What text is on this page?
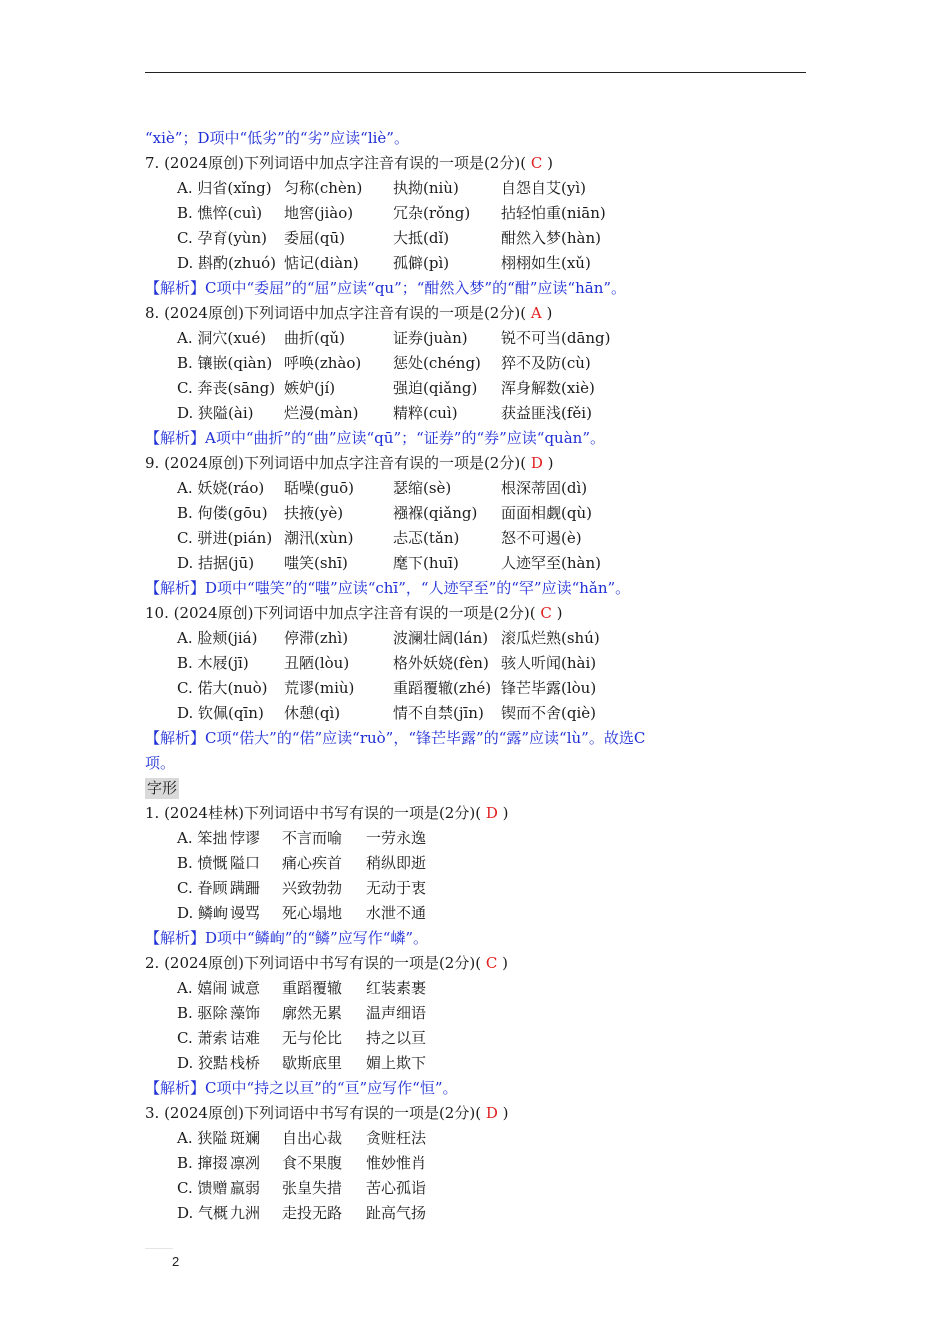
“xiè”；D项中“低劣”的“劣”应读“liè”。
7. (2024原创)下列词语中加点字注音有误的一项是(2分)( C )
A. 归省(xǐng) 匀称(chèn) 执拗(niù)	自怨自艾(yì)
B. 憔悴(cuì) 地窖(jiào)	冗杂(rǒng) 拈轻怕重(niān)
C. 孕育(yùn) 委屈(qū)	大抵(dǐ)	酣然入梦(hàn)
D. 斟酌(zhuó) 惦记(diàn) 孤僻(pì)	栩栩如生(xǔ)
【解析】C项中“委屈”的“屈”应读“qu”；“酣然入梦”的“酣”应读“hān”。
8. (2024原创)下列词语中加点字注音有误的一项是(2分)( A )
A. 洞穴(xué) 曲折(qǔ)	证券(juàn) 锐不可当(dāng)
B. 镶嵌(qiàn) 呼唤(zhào) 惩处(chéng) 猝不及防(cù)
C. 奔丧(sāng) 嫉妒(jí)	强迫(qiǎng) 浑身解数(xiè)
D. 狭隘(ài) 烂漫(màn) 精粹(cuì)	获益匪浅(fěi)
【解析】A项中“曲折”的“曲”应读“qū”；“证券”的“券”应读“quàn”。
9. (2024原创)下列词语中加点字注音有误的一项是(2分)( D )
A. 妖娆(ráo) 聒噪(guō)	瑟缩(sè)	根深蒂固(dì)
B. 佝偻(gōu) 扶掖(yè)	襁褓(qiǎng) 面面相觑(qù)
C. 骈进(pián) 潮汛(xùn)	忐忑(tǎn)	怒不可遏(è)
D. 拮据(jū) 嗤笑(shī)	麾下(huī)	人迹罕至(hàn)
【解析】D项中“嗤笑”的“嗤”应读“chī”，“人迹罕至”的“罕”应读“hǎn”。
10. (2024原创)下列词语中加点字注音有误的一项是(2分)( C )
A. 脸颊(jiá) 停滞(zhì)	波澜壮阔(lán) 滚瓜烂熟(shú)
B. 木屐(jī) 丑陋(lòu)	格外妖娆(fèn) 骇人听闻(hài)
C. 偌大(nuò) 荒谬(miù)	重蹈覆辙(zhé) 锋芒毕露(lòu)
D. 钦佩(qīn) 休憩(qì)	情不自禁(jīn) 锲而不舍(qiè)
【解析】C项“偌大”的“偌”应读“ruò”，“锋芒毕露”的“露”应读“lù”。故选C
项。
字形
1. (2024桂林)下列词语中书写有误的一项是(2分)( D )
A. 笨拙 悖谬 不言而喻 一劳永逸
B. 愤慨 隘口 痛心疾首 稍纵即逝
C. 眷顾 蹒跚 兴致勃勃 无动于衷
D. 鳞峋 谩骂 死心塌地 水泄不通
【解析】D项中“鳞峋”的“鳞”应写作“嶙”。
2. (2024原创)下列词语中书写有误的一项是(2分)( C )
A. 嬉闹 诚意 重蹈覆辙 红装素裹
B. 驱除 藻饰 廓然无累 温声细语
C. 萧索 诘难 无与伦比 持之以亘
D. 狡黠 栈桥 歇斯底里 媚上欺下
【解析】C项中“持之以亘”的“亘”应写作“恒”。
3. (2024原创)下列词语中书写有误的一项是(2分)( D )
A. 狭隘 斑斓 自出心裁 贪赃枉法
B. 撺掇 凛冽 食不果腹 惟妙惟肖
C. 馈赠 羸弱 张皇失措 苦心孤诣
D. 气概 九洲 走投无路 趾高气扬
2
